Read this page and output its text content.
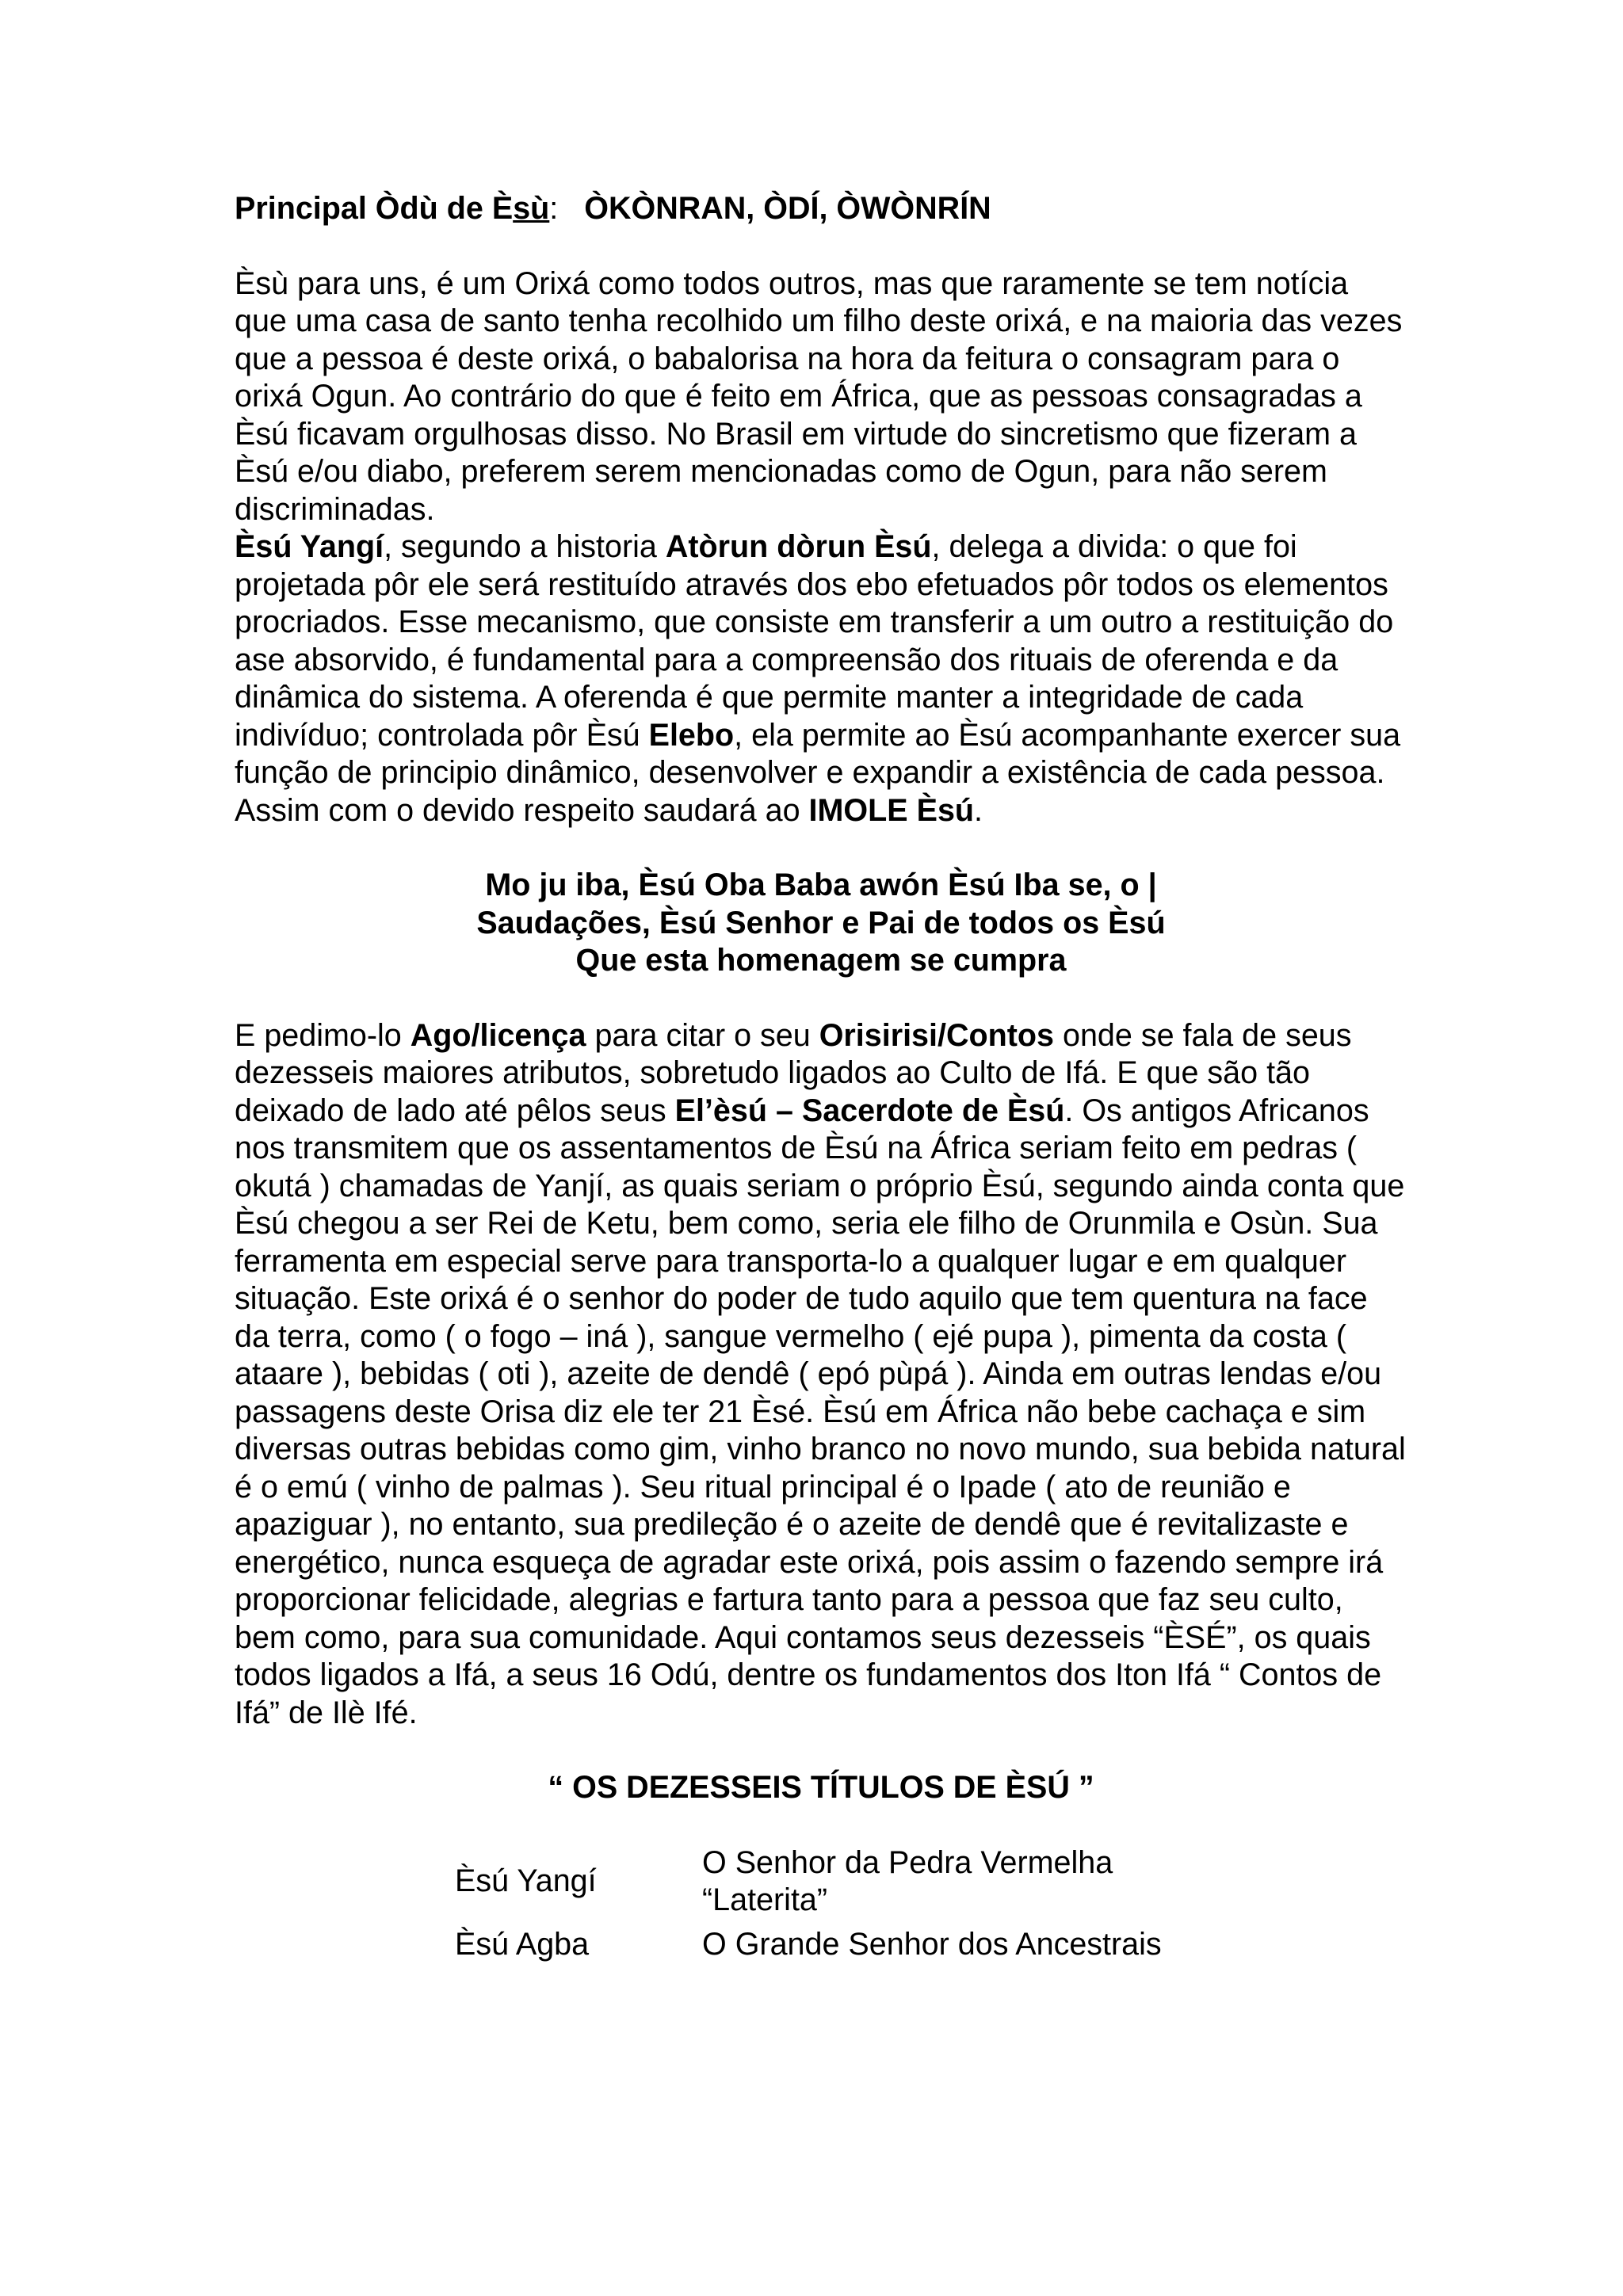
Principal Òdù de Èsù: ÒKÒNRAN, ÒDÍ, ÒWÒNRÍN

Èsù para uns, é um Orixá como todos outros, mas que raramente se tem notícia que uma casa de santo tenha recolhido um filho deste orixá, e na maioria das vezes que a pessoa é deste orixá, o babalorisa na hora da feitura o consagram para o orixá Ogun. Ao contrário do que é feito em África, que as pessoas consagradas a Èsú ficavam orgulhosas disso. No Brasil em virtude do sincretismo que fizeram a Èsú e/ou diabo, preferem serem mencionadas como de Ogun, para não serem discriminadas.

Èsú Yangí, segundo a historia Atòrun dòrun Èsú, delega a divida: o que foi projetada pôr ele será restituído através dos ebo efetuados pôr todos os elementos procriados. Esse mecanismo, que consiste em transferir a um outro a restituição do ase absorvido, é fundamental para a compreensão dos rituais de oferenda e da dinâmica do sistema. A oferenda é que permite manter a integridade de cada indivíduo; controlada pôr Èsú Elebo, ela permite ao Èsú acompanhante exercer sua função de principio dinâmico, desenvolver e expandir a existência de cada pessoa. Assim com o devido respeito saudará ao IMOLE Èsú.

Mo ju iba, Èsú Oba Baba awón Èsú Iba se, o |
Saudações, Èsú Senhor e Pai de todos os Èsú
Que esta homenagem se cumpra

E pedimo-lo Ago/licença para citar o seu Orisirisi/Contos onde se fala de seus dezesseis maiores atributos, sobretudo ligados ao Culto de Ifá. E que são tão deixado de lado até pêlos seus El’èsú – Sacerdote de Èsú. Os antigos Africanos nos transmitem que os assentamentos de Èsú na África seriam feito em pedras ( okutá ) chamadas de Yanjí, as quais seriam o próprio Èsú, segundo ainda conta que Èsú chegou a ser Rei de Ketu, bem como, seria ele filho de Orunmila e Osùn. Sua ferramenta em especial serve para transporta-lo a qualquer lugar e em qualquer situação. Este orixá é o senhor do poder de tudo aquilo que tem quentura na face da terra, como ( o fogo – iná ), sangue vermelho ( ejé pupa ), pimenta da costa ( ataare ), bebidas ( oti ), azeite de dendê ( epó pùpá ). Ainda em outras lendas e/ou passagens deste Orisa diz ele ter 21 Èsé. Èsú em África não bebe cachaça e sim diversas outras bebidas como gim, vinho branco no novo mundo, sua bebida natural é o emú ( vinho de palmas ). Seu ritual principal é o Ipade ( ato de reunião e apaziguar ), no entanto, sua predileção é o azeite de dendê que é revitalizaste e energético, nunca esqueça de agradar este orixá, pois assim o fazendo sempre irá proporcionar felicidade, alegrias e fartura tanto para a pessoa que faz seu culto, bem como, para sua comunidade. Aqui contamos seus dezesseis “ÈSÉ”, os quais todos ligados a Ifá, a seus 16 Odú, dentre os fundamentos dos Iton Ifá “ Contos de Ifá” de Ilè Ifé.

“ OS DEZESSEIS TÍTULOS DE ÈSÚ ”
Èsú Yangí	O Senhor da Pedra Vermelha “Laterita”
Èsú Agba	O Grande Senhor dos Ancestrais
